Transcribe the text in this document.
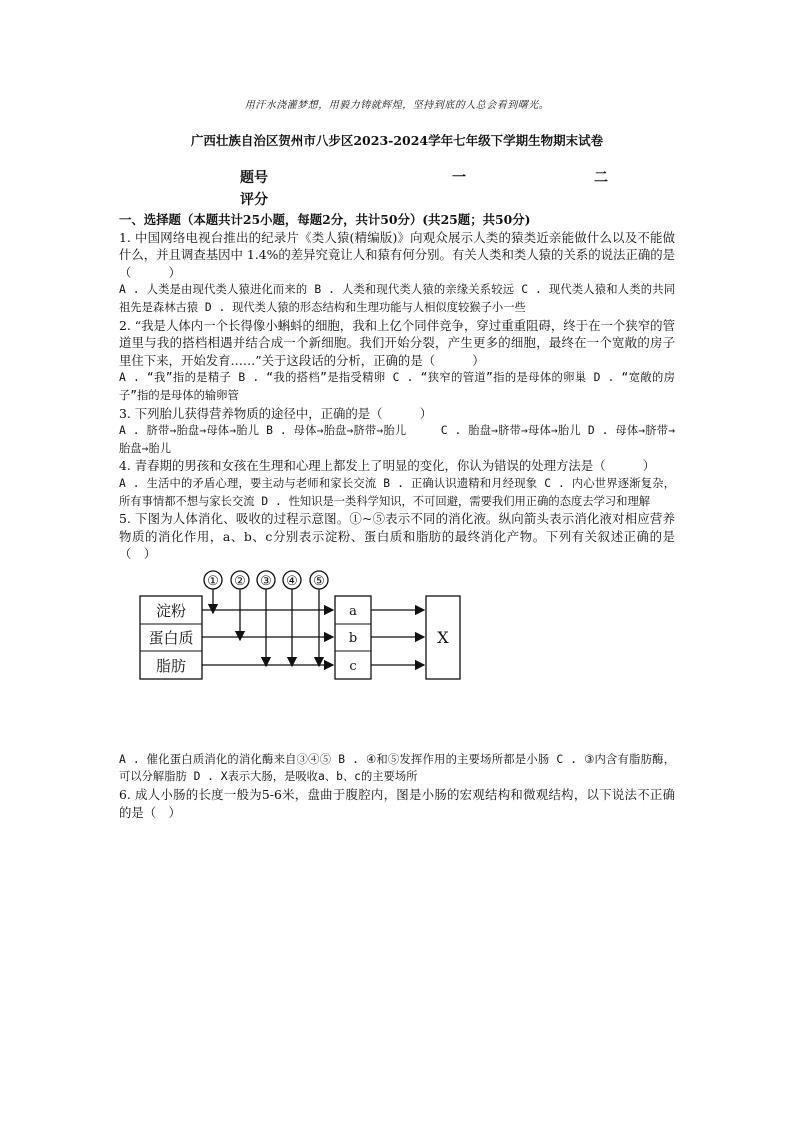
用汗水浇灌梦想，用毅力铸就辉煌，坚持到底的人总会看到曙光。
广西壮族自治区贺州市八步区2023-2024学年七年级下学期生物期末试卷
题号	一	二
评分

一、选择题（本题共计25小题，每题2分，共计50分）(共25题；共50分)

1. 中国网络电视台推出的纪录片《类人猿(精编版)》向观众展示人类的猿类近亲能做什么以及不能做什么，并且调查基因中 1.4%的差异究竟让人和猿有何分别。有关人类和类人猿的关系的说法正确的是（　　　）

A . 人类是由现代类人猿进化而来的 B . 人类和现代类人猿的亲缘关系较远 C . 现代类人猿和人类的共同祖先是森林古猿 D . 现代类人猿的形态结构和生理功能与人相似度较猴子小一些

2. “我是人体内一个长得像小蝌蚪的细胞，我和上亿个同伴竞争，穿过重重阻碍，终于在一个狭窄的管道里与我的搭档相遇并结合成一个新细胞。我们开始分裂，产生更多的细胞，最终在一个宽敞的房子里住下来，开始发育……”关于这段话的分析，正确的是（　　　）

A . “我”指的是精子 B . “我的搭档”是指受精卵 C . “狭窄的管道”指的是母体的卵巢 D . “宽敞的房子”指的是母体的输卵管

3. 下列胎儿获得营养物质的途径中，正确的是（　　　）

A . 脐带→胎盘→母体→胎儿 B . 母体→胎盘→脐带→胎儿　　　C . 胎盘→脐带→母体→胎儿 D . 母体→脐带→胎盘→胎儿

4. 青春期的男孩和女孩在生理和心理上都发上了明显的变化，你认为错误的处理方法是（　　　）

A . 生活中的矛盾心理，要主动与老师和家长交流 B . 正确认识遗精和月经现象 C . 内心世界逐渐复杂，所有事情都不想与家长交流 D . 性知识是一类科学知识，不可回避，需要我们用正确的态度去学习和理解

5. 下图为人体消化、吸收的过程示意图。①~⑤表示不同的消化液。纵向箭头表示消化液对相应营养物质的消化作用，a、b、c分别表示淀粉、蛋白质和脂肪的最终消化产物。下列有关叙述正确的是（　）

① ② ③ ④ ⑤
淀粉
蛋白质
脂肪
a
b
c
X

A . 催化蛋白质消化的消化酶来自③④⑤ B . ④和⑤发挥作用的主要场所都是小肠 C . ③内含有脂肪酶，可以分解脂肪 D . X表示大肠，是吸收a、b、c的主要场所

6. 成人小肠的长度一般为5-6米，盘曲于腹腔内，图是小肠的宏观结构和微观结构，以下说法不正确的是（　）
